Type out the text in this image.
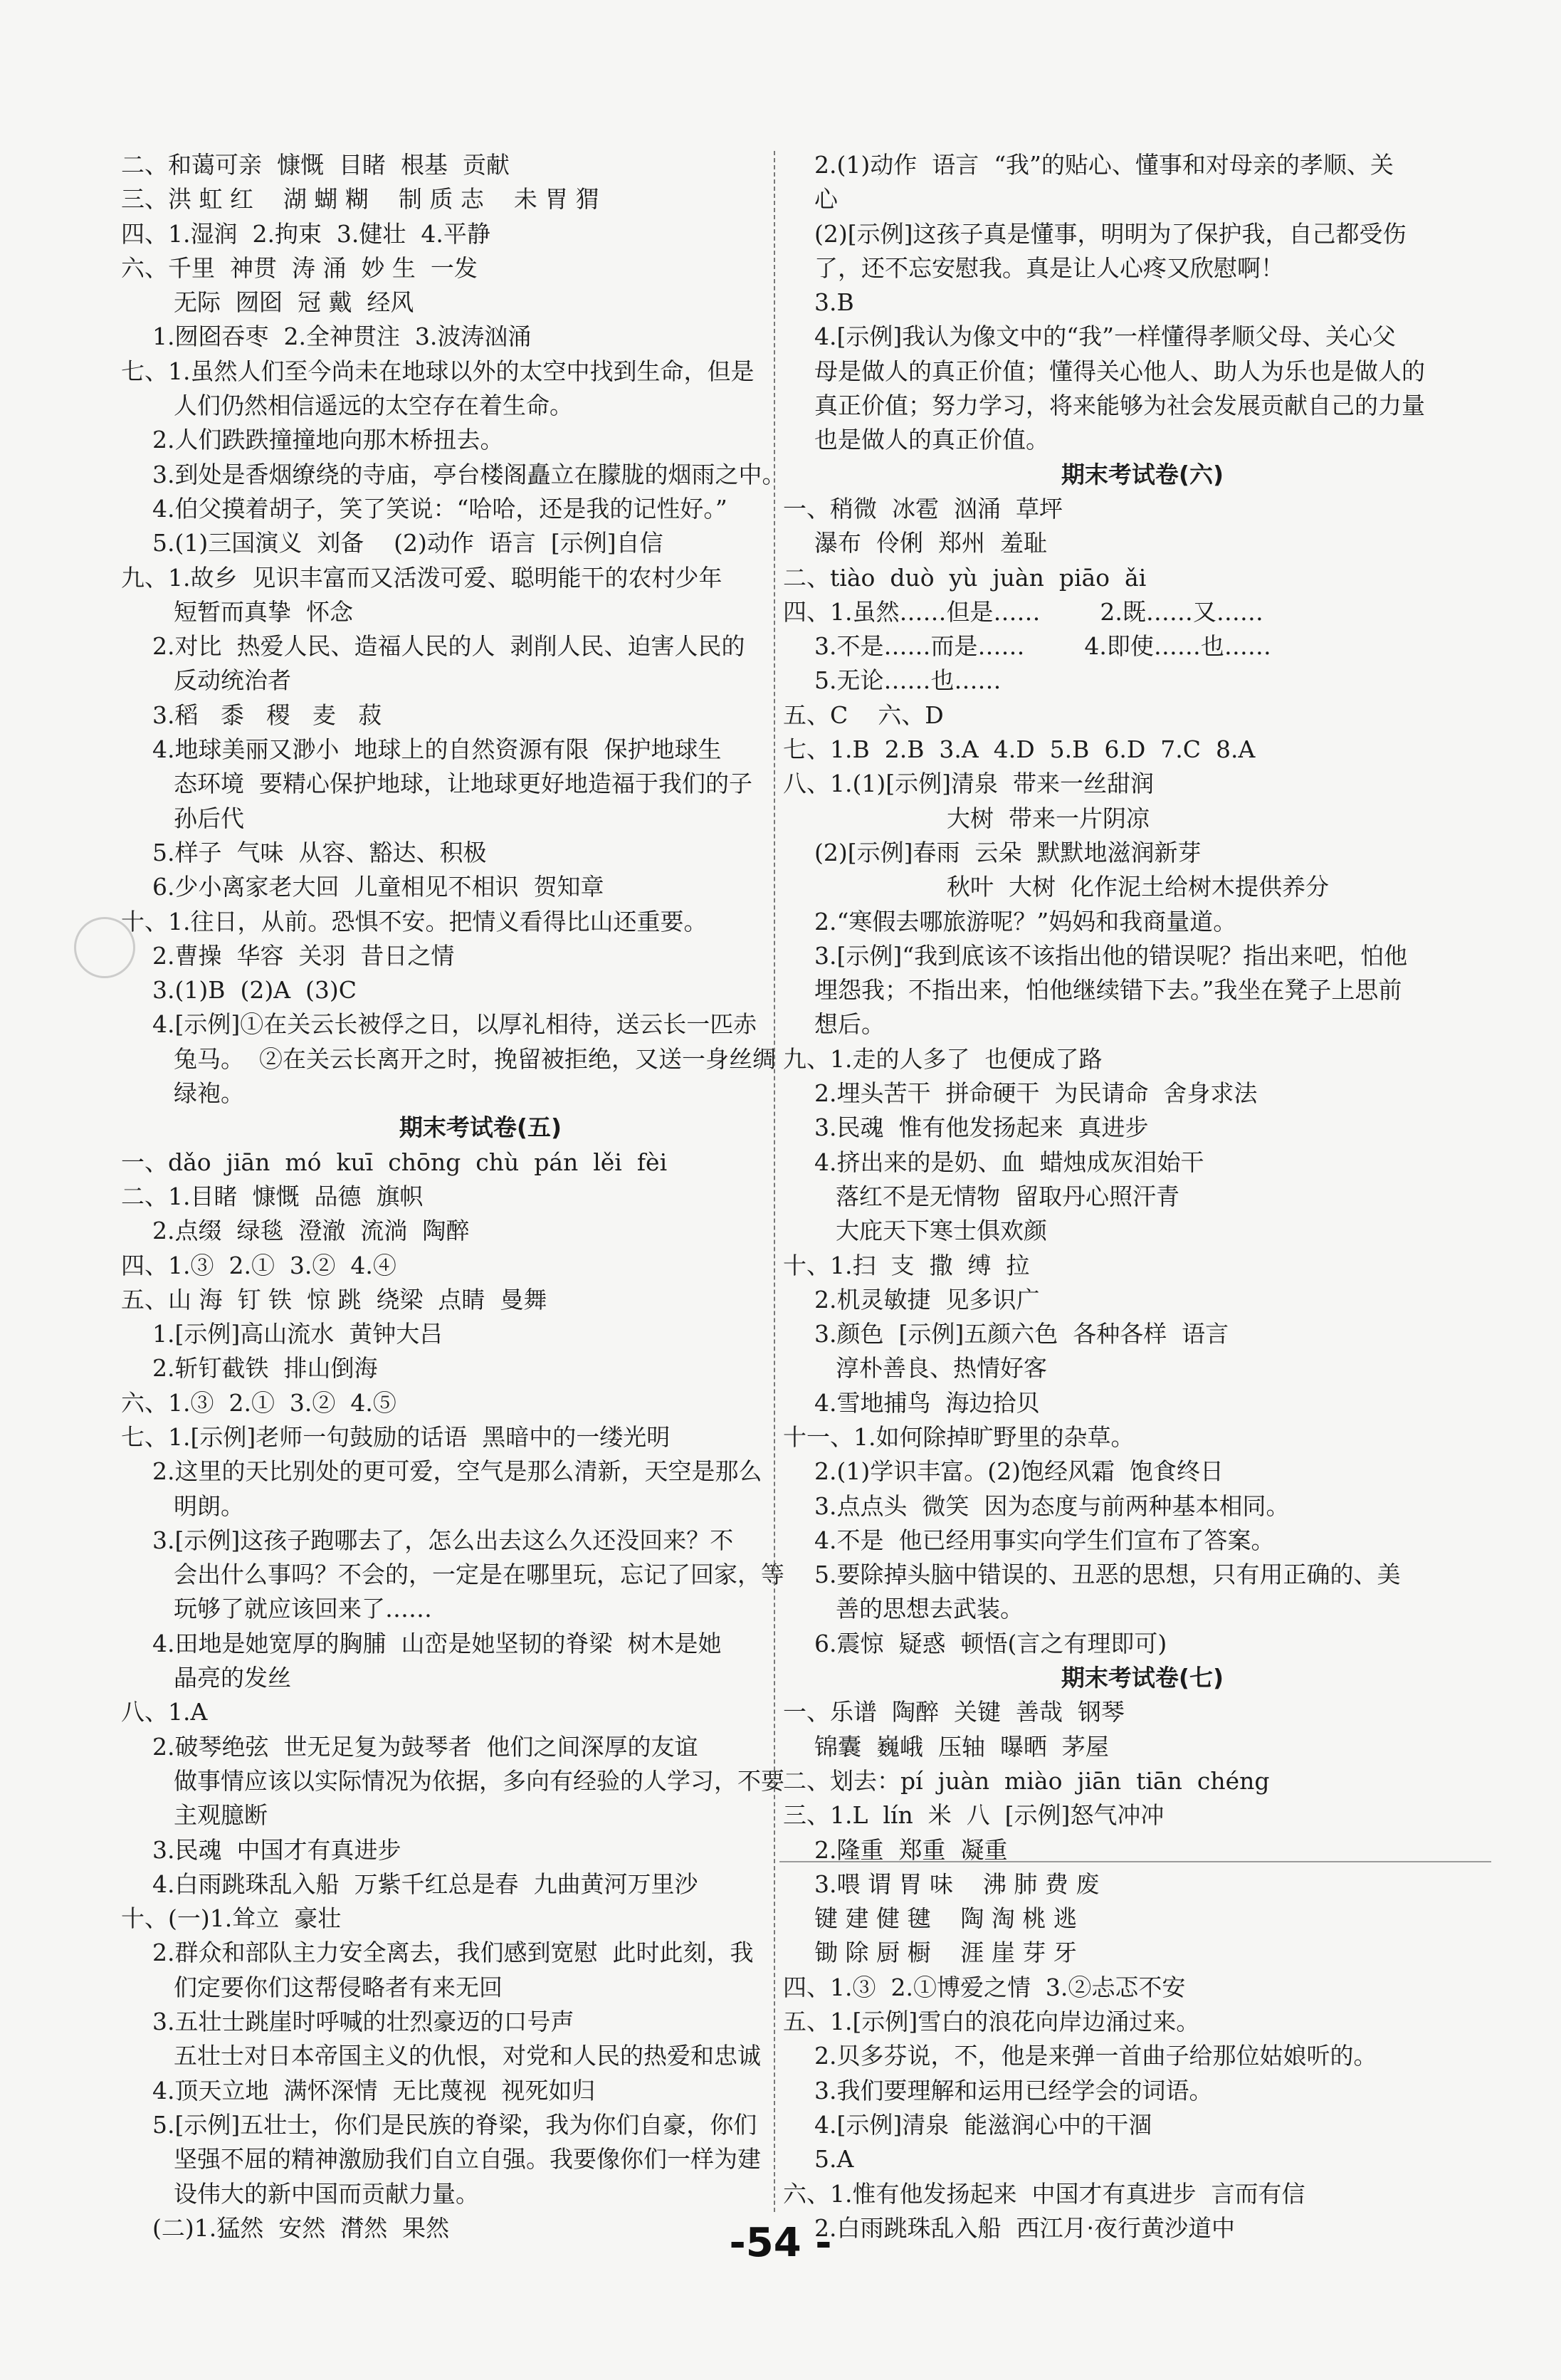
二、和蔼可亲  慷慨  目睹  根基  贡献
三、洪 虹 红    湖 蝴 糊    制 质 志    未 胃 猬
四、1.湿润  2.拘束  3.健壮  4.平静
六、千里  神贯  涛 涌  妙 生  一发
无际  囫囵  冠 戴  经风
1.囫囵吞枣  2.全神贯注  3.波涛汹涌
七、1.虽然人们至今尚未在地球以外的太空中找到生命，但是
人们仍然相信遥远的太空存在着生命。
2.人们跌跌撞撞地向那木桥扭去。
3.到处是香烟缭绕的寺庙，亭台楼阁矗立在朦胧的烟雨之中。
4.伯父摸着胡子，笑了笑说：“哈哈，还是我的记性好。”
5.(1)三国演义  刘备    (2)动作  语言  [示例]自信
九、1.故乡  见识丰富而又活泼可爱、聪明能干的农村少年
短暂而真挚  怀念
2.对比  热爱人民、造福人民的人  剥削人民、迫害人民的
反动统治者
3.稻   黍   稷   麦   菽
4.地球美丽又渺小  地球上的自然资源有限  保护地球生
态环境  要精心保护地球，让地球更好地造福于我们的子
孙后代
5.样子  气味  从容、豁达、积极
6.少小离家老大回  儿童相见不相识  贺知章
十、1.往日，从前。恐惧不安。把情义看得比山还重要。
2.曹操  华容  关羽  昔日之情
3.(1)B  (2)A  (3)C
4.[示例]①在关云长被俘之日，以厚礼相待，送云长一匹赤
兔马。  ②在关云长离开之时，挽留被拒绝，又送一身丝绸
绿袍。
期末考试卷(五)
一、dǎo  jiān  mó  kuī  chōng  chù  pán  lěi  fèi
二、1.目睹  慷慨  品德  旗帜
2.点缀  绿毯  澄澈  流淌  陶醉
四、1.③  2.①  3.②  4.④
五、山 海  钉 铁  惊 跳  绕梁  点睛  曼舞
1.[示例]高山流水  黄钟大吕
2.斩钉截铁  排山倒海
六、1.③  2.①  3.②  4.⑤
七、1.[示例]老师一句鼓励的话语  黑暗中的一缕光明
2.这里的天比别处的更可爱，空气是那么清新，天空是那么
明朗。
3.[示例]这孩子跑哪去了，怎么出去这么久还没回来？不
会出什么事吗？不会的，一定是在哪里玩，忘记了回家，等
玩够了就应该回来了……
4.田地是她宽厚的胸脯  山峦是她坚韧的脊梁  树木是她
晶亮的发丝
八、1.A
2.破琴绝弦  世无足复为鼓琴者  他们之间深厚的友谊
做事情应该以实际情况为依据，多向有经验的人学习，不要
主观臆断
3.民魂  中国才有真进步
4.白雨跳珠乱入船  万紫千红总是春  九曲黄河万里沙
十、(一)1.耸立  豪壮
2.群众和部队主力安全离去，我们感到宽慰  此时此刻，我
们定要你们这帮侵略者有来无回
3.五壮士跳崖时呼喊的壮烈豪迈的口号声
五壮士对日本帝国主义的仇恨，对党和人民的热爱和忠诚
4.顶天立地  满怀深情  无比蔑视  视死如归
5.[示例]五壮士，你们是民族的脊梁，我为你们自豪，你们
坚强不屈的精神激励我们自立自强。我要像你们一样为建
设伟大的新中国而贡献力量。
(二)1.猛然  安然  潸然  果然
2.(1)动作  语言  “我”的贴心、懂事和对母亲的孝顺、关
心
(2)[示例]这孩子真是懂事，明明为了保护我，自己都受伤
了，还不忘安慰我。真是让人心疼又欣慰啊！
3.B
4.[示例]我认为像文中的“我”一样懂得孝顺父母、关心父
母是做人的真正价值；懂得关心他人、助人为乐也是做人的
真正价值；努力学习，将来能够为社会发展贡献自己的力量
也是做人的真正价值。
期末考试卷(六)
一、稍微  冰雹  汹涌  草坪
瀑布  伶俐  郑州  羞耻
二、tiào  duò  yù  juàn  piāo  ǎi
四、1.虽然……但是……        2.既……又……
3.不是……而是……        4.即使……也……
5.无论……也……
五、C    六、D
七、1.B  2.B  3.A  4.D  5.B  6.D  7.C  8.A
八、1.(1)[示例]清泉  带来一丝甜润
大树  带来一片阴凉
(2)[示例]春雨  云朵  默默地滋润新芽
秋叶  大树  化作泥土给树木提供养分
2.“寒假去哪旅游呢？”妈妈和我商量道。
3.[示例]“我到底该不该指出他的错误呢？指出来吧，怕他
埋怨我；不指出来，怕他继续错下去。”我坐在凳子上思前
想后。
九、1.走的人多了  也便成了路
2.埋头苦干  拼命硬干  为民请命  舍身求法
3.民魂  惟有他发扬起来  真进步
4.挤出来的是奶、血  蜡烛成灰泪始干
落红不是无情物  留取丹心照汗青
大庇天下寒士俱欢颜
十、1.扫  支  撒  缚  拉
2.机灵敏捷  见多识广
3.颜色  [示例]五颜六色  各种各样  语言
淳朴善良、热情好客
4.雪地捕鸟  海边拾贝
十一、1.如何除掉旷野里的杂草。
2.(1)学识丰富。(2)饱经风霜  饱食终日
3.点点头  微笑  因为态度与前两种基本相同。
4.不是  他已经用事实向学生们宣布了答案。
5.要除掉头脑中错误的、丑恶的思想，只有用正确的、美
善的思想去武装。
6.震惊  疑惑  顿悟(言之有理即可)
期末考试卷(七)
一、乐谱  陶醉  关键  善哉  钢琴
锦囊  巍峨  压轴  曝晒  茅屋
二、划去：pí  juàn  miào  jiān  tiān  chéng
三、1.L  lín  米  八  [示例]怒气冲冲
2.隆重  郑重  凝重
3.喂 谓 胃 味    沸 肺 费 废
键 建 健 毽    陶 淘 桃 逃
锄 除 厨 橱    涯 崖 芽 牙
四、1.③  2.①博爱之情  3.②忐忑不安
五、1.[示例]雪白的浪花向岸边涌过来。
2.贝多芬说，不，他是来弹一首曲子给那位姑娘听的。
3.我们要理解和运用已经学会的词语。
4.[示例]清泉  能滋润心中的干涸
5.A
六、1.惟有他发扬起来  中国才有真进步  言而有信
2.白雨跳珠乱入船  西江月·夜行黄沙道中
-54 -
